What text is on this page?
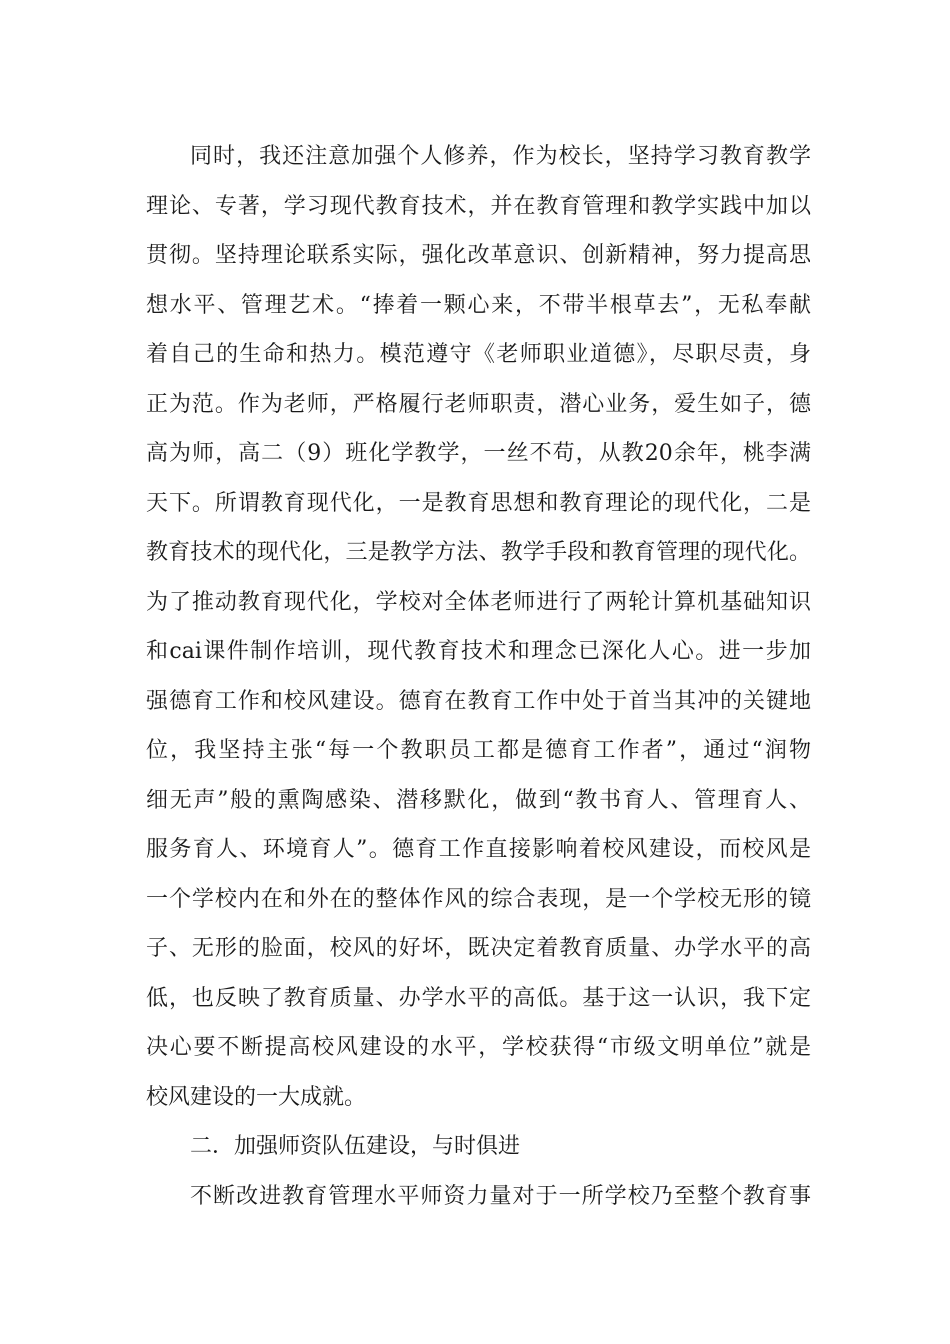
同时，我还注意加强个人修养，作为校长，坚持学习教育教学
理论、专著，学习现代教育技术，并在教育管理和教学实践中加以
贯彻。坚持理论联系实际，强化改革意识、创新精神，努力提高思
想水平、管理艺术。“捧着一颗心来，不带半根草去”，无私奉献
着自己的生命和热力。模范遵守《老师职业道德》，尽职尽责，身
正为范。作为老师，严格履行老师职责，潜心业务，爱生如子，德
高为师，高二（9）班化学教学，一丝不苟，从教20余年，桃李满
天下。所谓教育现代化，一是教育思想和教育理论的现代化，二是
教育技术的现代化，三是教学方法、教学手段和教育管理的现代化。
为了推动教育现代化，学校对全体老师进行了两轮计算机基础知识
和cai课件制作培训，现代教育技术和理念已深化人心。进一步加
强德育工作和校风建设。德育在教育工作中处于首当其冲的关键地
位，我坚持主张“每一个教职员工都是德育工作者”，通过“润物
细无声”般的熏陶感染、潜移默化，做到“教书育人、管理育人、
服务育人、环境育人”。德育工作直接影响着校风建设，而校风是
一个学校内在和外在的整体作风的综合表现，是一个学校无形的镜
子、无形的脸面，校风的好坏，既决定着教育质量、办学水平的高
低，也反映了教育质量、办学水平的高低。基于这一认识，我下定
决心要不断提高校风建设的水平，学校获得“市级文明单位”就是
校风建设的一大成就。
二．加强师资队伍建设，与时俱进
不断改进教育管理水平师资力量对于一所学校乃至整个教育事
